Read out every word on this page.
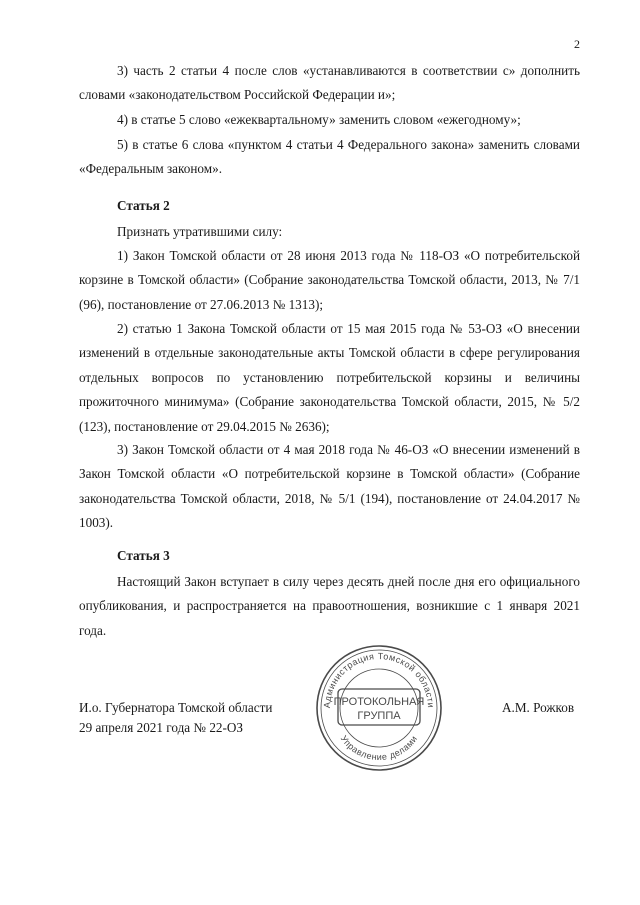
2

3) часть 2 статьи 4 после слов «устанавливаются в соответствии с» дополнить словами «законодательством Российской Федерации и»;

4) в статье 5 слово «ежеквартальному» заменить словом «ежегодному»;

5) в статье 6 слова «пунктом 4 статьи 4 Федерального закона» заменить словами «Федеральным законом».

Статья 2

Признать утратившими силу:

1) Закон Томской области от 28 июня 2013 года № 118-ОЗ «О потребительской корзине в Томской области» (Собрание законодательства Томской области, 2013, № 7/1 (96), постановление от 27.06.2013 № 1313);

2) статью 1 Закона Томской области от 15 мая 2015 года № 53-ОЗ «О внесении изменений в отдельные законодательные акты Томской области в сфере регулирования отдельных вопросов по установлению потребительской корзины и величины прожиточного минимума» (Собрание законодательства Томской области, 2015, № 5/2 (123), постановление от 29.04.2015 № 2636);

3) Закон Томской области от 4 мая 2018 года № 46-ОЗ «О внесении изменений в Закон Томской области «О потребительской корзине в Томской области» (Собрание законодательства Томской области, 2018, № 5/1 (194), постановление от 24.04.2017 № 1003).

Статья 3

Настоящий Закон вступает в силу через десять дней после дня его официального опубликования, и распространяется на правоотношения, возникшие с 1 января 2021 года.

И.о. Губернатора Томской области
29 апреля 2021 года № 22-ОЗ
А.М. Рожков
Администрация Томской области
Управление делами
ПРОТОКОЛЬНАЯ
ГРУППА
